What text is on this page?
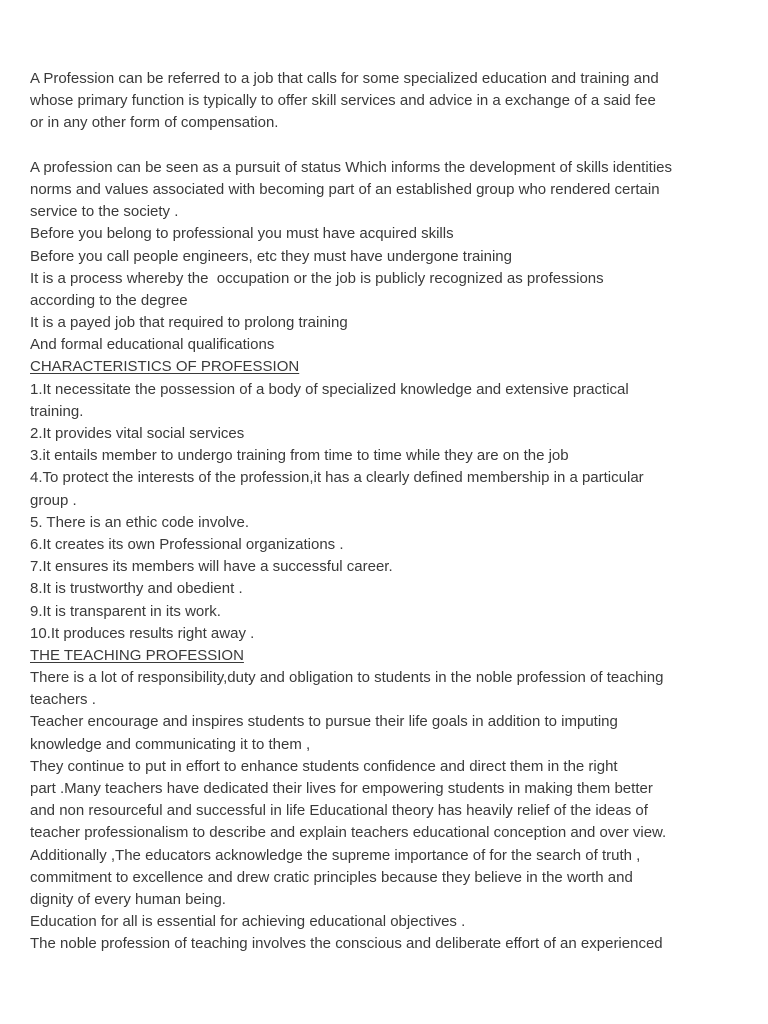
A Profession can be referred to a job that calls for some specialized education and training and
whose primary function is typically to offer skill services and advice in a exchange of a said fee
or in any other form of compensation.
A profession can be seen as a pursuit of status Which informs the development of skills identities
norms and values associated with becoming part of an established group who rendered certain
service to the society .
Before you belong to professional you must have acquired skills
Before you call people engineers, etc they must have undergone training
It is a process whereby the  occupation or the job is publicly recognized as professions
according to the degree
It is a payed job that required to prolong training
And formal educational qualifications
CHARACTERISTICS OF PROFESSION
1.It necessitate the possession of a body of specialized knowledge and extensive practical
training.
2.It provides vital social services
3.it entails member to undergo training from time to time while they are on the job
4.To protect the interests of the profession,it has a clearly defined membership in a particular
group .
5. There is an ethic code involve.
6.It creates its own Professional organizations .
7.It ensures its members will have a successful career.
8.It is trustworthy and obedient .
9.It is transparent in its work.
10.It produces results right away .
THE TEACHING PROFESSION
There is a lot of responsibility,duty and obligation to students in the noble profession of teaching
teachers .
Teacher encourage and inspires students to pursue their life goals in addition to imputing
knowledge and communicating it to them ,
They continue to put in effort to enhance students confidence and direct them in the right
part .Many teachers have dedicated their lives for empowering students in making them better
and non resourceful and successful in life Educational theory has heavily relief of the ideas of
teacher professionalism to describe and explain teachers educational conception and over view.
Additionally ,The educators acknowledge the supreme importance of for the search of truth ,
commitment to excellence and drew cratic principles because they believe in the worth and
dignity of every human being.
Education for all is essential for achieving educational objectives .
The noble profession of teaching involves the conscious and deliberate effort of an experienced
